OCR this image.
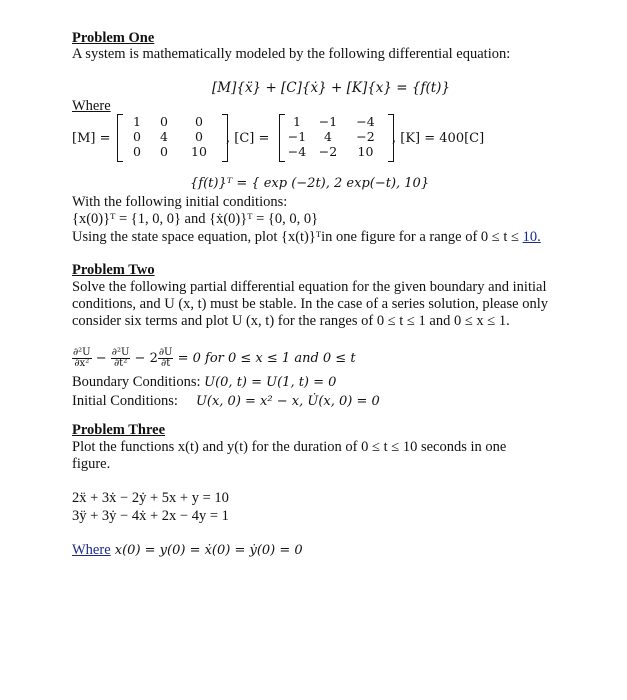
Problem One
A system is mathematically modeled by the following differential equation:
[M]{ẍ} + [C]{ẋ} + [K]{x} = {f(t)}
Where
[M] =
1	0	0
0	4	0
0	0	10
, [C] =
1	−1	−4
−1	4	−2
−4	−2	10
, [K] = 400[C]
{f(t)}ᵀ = { exp (−2t), 2 exp(−t), 10}
With the following initial conditions:
{x(0)}ᵀ = {1, 0, 0} and {ẋ(0)}ᵀ = {0, 0, 0}
Using the state space equation, plot {x(t)}ᵀin one figure for a range of 0 ≤ t ≤ 10.
Problem Two
Solve the following partial differential equation for the given boundary and initial
conditions, and U (x, t) must be stable. In the case of a series solution, please only
consider six terms and plot U (x, t) for the ranges of 0 ≤ t ≤ 1 and 0 ≤ x ≤ 1.
$\frac{\text{∂²U}}{\text{∂x²}} - \frac{\text{∂²U}}{\text{∂t²}} - 2 \frac{\partial U}{\partial t} = 0$ for 0 ≤ x ≤ 1 and 0 ≤ t
Boundary Conditions: U(0, t) = U(1, t) = 0
Initial Conditions: U(x, 0) = x² − x, U̇(x, 0) = 0
Problem Three
Plot the functions x(t) and y(t) for the duration of 0 ≤ t ≤ 10 seconds in one
figure.
2ẍ + 3ẋ − 2ẏ + 5x + y = 10
3ÿ + 3ẏ − 4ẋ + 2x − 4y = 1
Where x(0) = y(0) = ẋ(0) = ẏ(0) = 0
